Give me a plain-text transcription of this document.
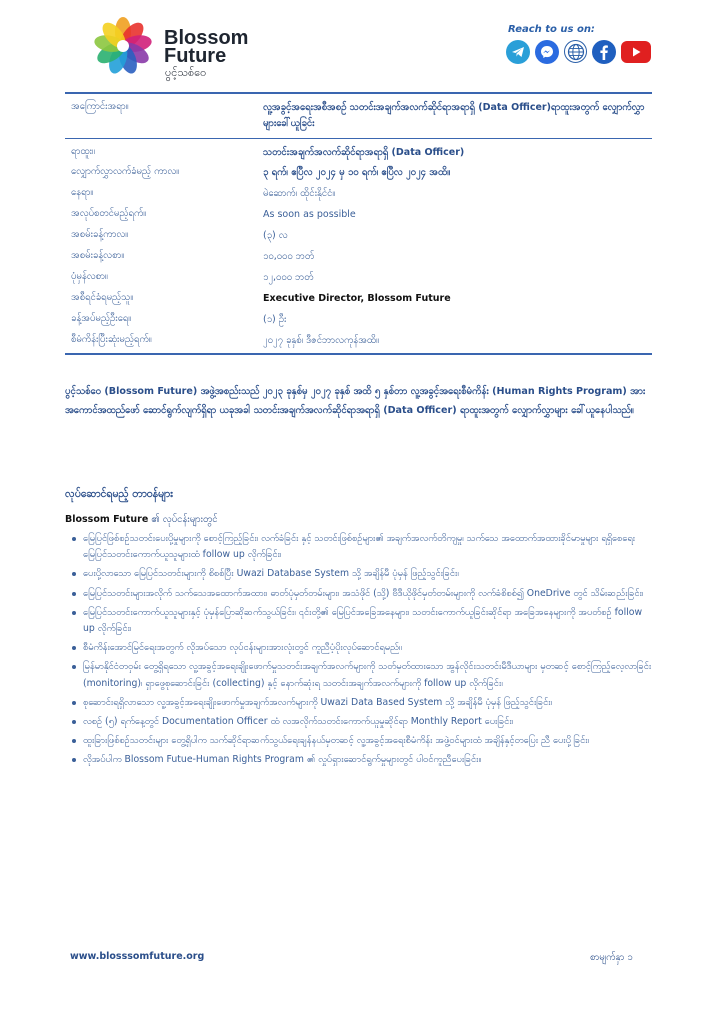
Blossom
Future
ပွင့်သစ်ဝေ
Reach to us on:
အကြောင်းအရာ။	လူ့အခွင့်အရေးအစီအစဉ် သတင်းအချက်အလက်ဆိုင်ရာအရာရှိ (Data Officer)ရာထူးအတွက် လျှောက်လွှာများခေါ်ယူခြင်း
ရာထူး။	သတင်းအချက်အလက်ဆိုင်ရာအရာရှိ (Data Officer)
လျှောက်လွှာလက်ခံမည့် ကာလ။	၃ ရက်၊ ဧပြီလ ၂၀၂၄ မှ ၁၀ ရက်၊ ဧပြီလ ၂၀၂၄ အထိ။
နေရာ။	မဲဆောက်၊ ထိုင်းနိုင်ငံ။
အလုပ်စတင်မည့်ရက်။	As soon as possible
အစမ်းခန့်ကာလ။	(၃) လ
အစမ်းခန့်လစာ။	၁၀,၀၀၀ ဘတ်
ပုံမှန်လစာ။	၁၂,၀၀၀ ဘတ်
အစီရင်ခံရမည့်သူ။	Executive Director, Blossom Future
ခန့်အပ်မည့်ဦးရေ။	(၁) ဦး
စီမံကိန်းပြီးဆုံးမည့်ရက်။	၂၀၂၇ ခုနှစ်၊ ဒီဇင်ဘာလကုန်အထိ။
ပွင့်သစ်ဝေ (Blossom Future) အဖွဲ့အစည်းသည် ၂၀၂၃ ခုနှစ်မှ ၂၀၂၇ ခုနှစ် အထိ ၅ နှစ်တာ လူ့အခွင့်အရေးစီမံကိန်း (Human Rights Program) အား အကောင်အထည်ဖော် ဆောင်ရွက်လျက်ရှိရာ ယခုအခါ သတင်းအချက်အလက်ဆိုင်ရာအရာရှိ (Data Officer) ရာထူးအတွက် လျှောက်လွှာများ ခေါ်ယူနေပါသည်။
လုပ်ဆောင်ရမည့် တာဝန်များ
Blossom Future ၏ လုပ်ငန်းများတွင်
မြေပြင်ဖြစ်စဉ်သတင်းပေးပို့မှုများကို စောင့်ကြည့်ခြင်း၊ လက်ခံခြင်း နှင့် သတင်းဖြစ်စဉ်များ၏ အချက်အလက်တိကျမှု၊ သက်သေ အထောက်အထားခိုင်မာမှုများ ရရှိစေရေး မြေပြင်သတင်းကောက်ယူသူများထံ follow up လိုက်ခြင်း၊
ပေးပို့လာသော မြေပြင်သတင်းများကို စိစစ်ပြီး Uwazi Database System သို့ အချိန်မီ ပုံမှန် ဖြည့်သွင်းခြင်း၊
မြေပြင်သတင်းများအလိုက် သက်သေအထောက်အထား၊ ဓာတ်ပုံမှတ်တမ်းများ၊ အသံဖိုင် (သို့) ဗီဒီယိုဖိုင်မှတ်တမ်းများကို လက်ခံစိစစ်၍ OneDrive တွင် သိမ်းဆည်းခြင်း၊
မြေပြင်သတင်းကောက်ယူသူများနှင့် ပုံမှန်ပြောဆိုဆက်သွယ်ခြင်း၊ ၎င်းတို့၏ မြေပြင်အခြေအနေများ၊ သတင်းကောက်ယူခြင်းဆိုင်ရာ အခြေအနေများကို အပတ်စဉ် follow up လိုက်ခြင်း၊
စီမံကိန်းအောင်မြင်ရေးအတွက် လိုအပ်သော လုပ်ငန်းများအားလုံးတွင် ကူညီပံ့ပိုးလုပ်ဆောင်ရမည်။
မြန်မာနိုင်ငံတဝှမ်း တွေ့ရှိရသော လူ့အခွင့်အရေးချိုးဖောက်မှုသတင်းအချက်အလက်များကို သတ်မှတ်ထားသော အွန်လိုင်းသတင်းမီဒီယာများ မှတဆင့် စောင့်ကြည့်လေ့လာခြင်း (monitoring)၊ ရှာဖွေစုဆောင်းခြင်း (collecting) နှင့် နောက်ဆုံးရ သတင်းအချက်အလက်များကို follow up လိုက်ခြင်း၊
စုဆောင်းရရှိလာသော လူ့အခွင့်အရေးချိုးဖောက်မှုအချက်အလက်များကို Uwazi Data Based System သို့ အချိန်မီ ပုံမှန် ဖြည့်သွင်းခြင်း၊
လစဉ် (၅) ရက်နေ့တွင် Documentation Officer ထံ လအလိုက်သတင်းကောက်ယူမှုဆိုင်ရာ Monthly Report ပေးခြင်း၊
ထူးခြားဖြစ်စဉ်သတင်းများ တွေ့ရှိပါက သက်ဆိုင်ရာဆက်သွယ်ရေးချန်နယ်မှတဆင့် လူ့အခွင့်အရေးစီမံကိန်း အဖွဲ့ဝင်များထံ အချိန်နှင့်တပြေး ညီ ပေးပို့ခြင်း၊
လိုအပ်ပါက Blossom Futue-Human Rights Program ၏ လှုပ်ရှားဆောင်ရွက်မှုများတွင် ပါဝင်ကူညီပေးခြင်း။
www.blosssomfuture.org	စာမျက်နှာ ၁
